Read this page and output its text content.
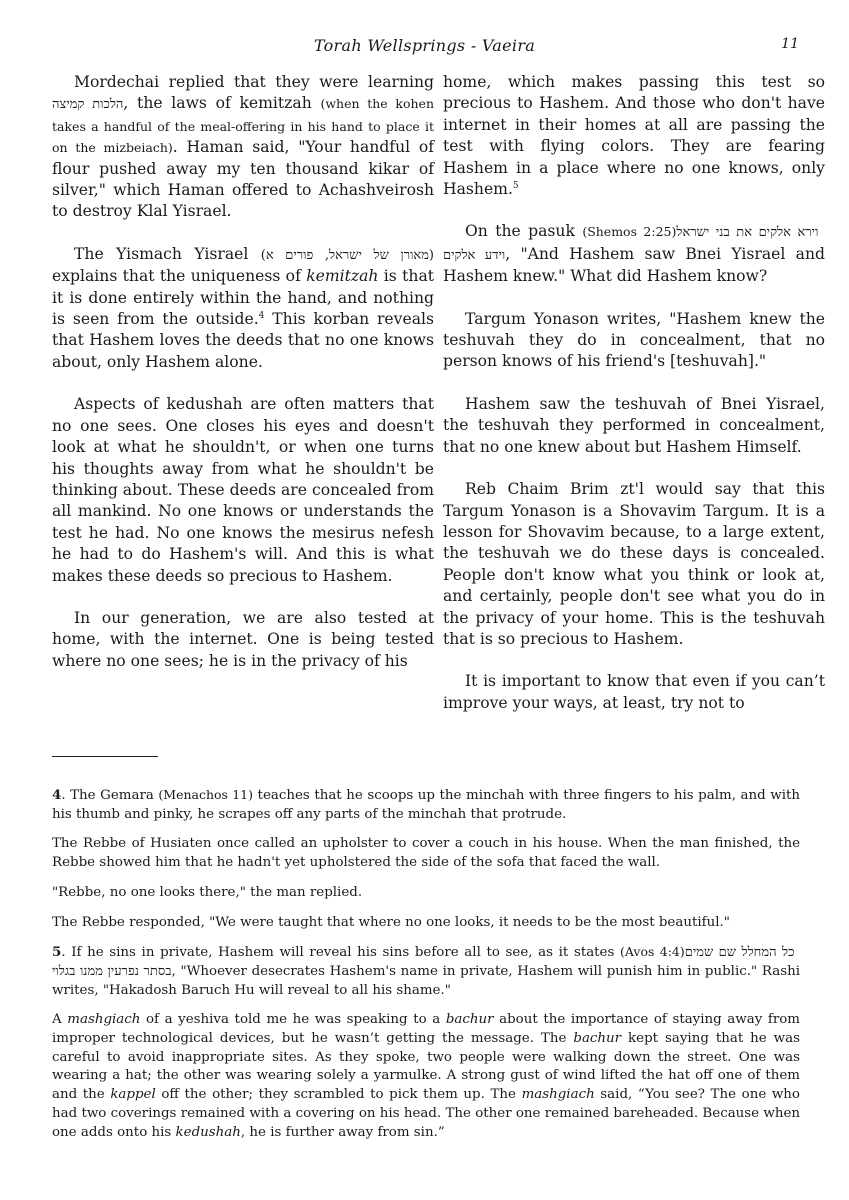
Torah Wellsprings - Vaeira	11

Mordechai replied that they were learning הלכות קמיצה, the laws of kemitzah (when the kohen takes a handful of the meal-offering in his hand to place it on the mizbeiach). Haman said, "Your handful of flour pushed away my ten thousand kikar of silver," which Haman offered to Achashveirosh to destroy Klal Yisrael.

The Yismach Yisrael (מאורן של ישראל, פורים א) explains that the uniqueness of kemitzah is that it is done entirely within the hand, and nothing is seen from the outside.$^4$ This korban reveals that Hashem loves the deeds that no one knows about, only Hashem alone.

Aspects of kedushah are often matters that no one sees. One closes his eyes and doesn't look at what he shouldn't, or when one turns his thoughts away from what he shouldn't be thinking about. These deeds are concealed from all mankind. No one knows or understands the test he had. No one knows the mesirus nefesh he had to do Hashem's will. And this is what makes these deeds so precious to Hashem.

In our generation, we are also tested at home, with the internet. One is being tested where no one sees; he is in the privacy of his

home, which makes passing this test so precious to Hashem. And those who don't have internet in their homes at all are passing the test with flying colors. They are fearing Hashem in a place where no one knows, only Hashem.$^5$

On the pasuk (Shemos 2:25) וירא אלקים את בני ישראל וידע אלקים, "And Hashem saw Bnei Yisrael and Hashem knew." What did Hashem know?

Targum Yonason writes, "Hashem knew the teshuvah they do in concealment, that no person knows of his friend's [teshuvah]."

Hashem saw the teshuvah of Bnei Yisrael, the teshuvah they performed in concealment, that no one knew about but Hashem Himself.

Reb Chaim Brim zt'l would say that this Targum Yonason is a Shovavim Targum. It is a lesson for Shovavim because, to a large extent, the teshuvah we do these days is concealed. People don't know what you think or look at, and certainly, people don't see what you do in the privacy of your home. This is the teshuvah that is so precious to Hashem.

It is important to know that even if you can’t improve your ways, at least, try not to

4. The Gemara (Menachos 11) teaches that he scoops up the minchah with three fingers to his palm, and with his thumb and pinky, he scrapes off any parts of the minchah that protrude.

The Rebbe of Husiaten once called an upholster to cover a couch in his house. When the man finished, the Rebbe showed him that he hadn't yet upholstered the side of the sofa that faced the wall.

"Rebbe, no one looks there," the man replied.

The Rebbe responded, "We were taught that where no one looks, it needs to be the most beautiful."

5. If he sins in private, Hashem will reveal his sins before all to see, as it states (Avos 4:4) כל המחלל שם שמים בסתר נפרעין ממנו בגלוי, "Whoever desecrates Hashem's name in private, Hashem will punish him in public." Rashi writes, "Hakadosh Baruch Hu will reveal to all his shame."

A mashgiach of a yeshiva told me he was speaking to a bachur about the importance of staying away from improper technological devices, but he wasn’t getting the message. The bachur kept saying that he was careful to avoid inappropriate sites. As they spoke, two people were walking down the street. One was wearing a hat; the other was wearing solely a yarmulke. A strong gust of wind lifted the hat off one of them and the kappel off the other; they scrambled to pick them up. The mashgiach said, “You see? The one who had two coverings remained with a covering on his head. The other one remained bareheaded. Because when one adds onto his kedushah, he is further away from sin.”
